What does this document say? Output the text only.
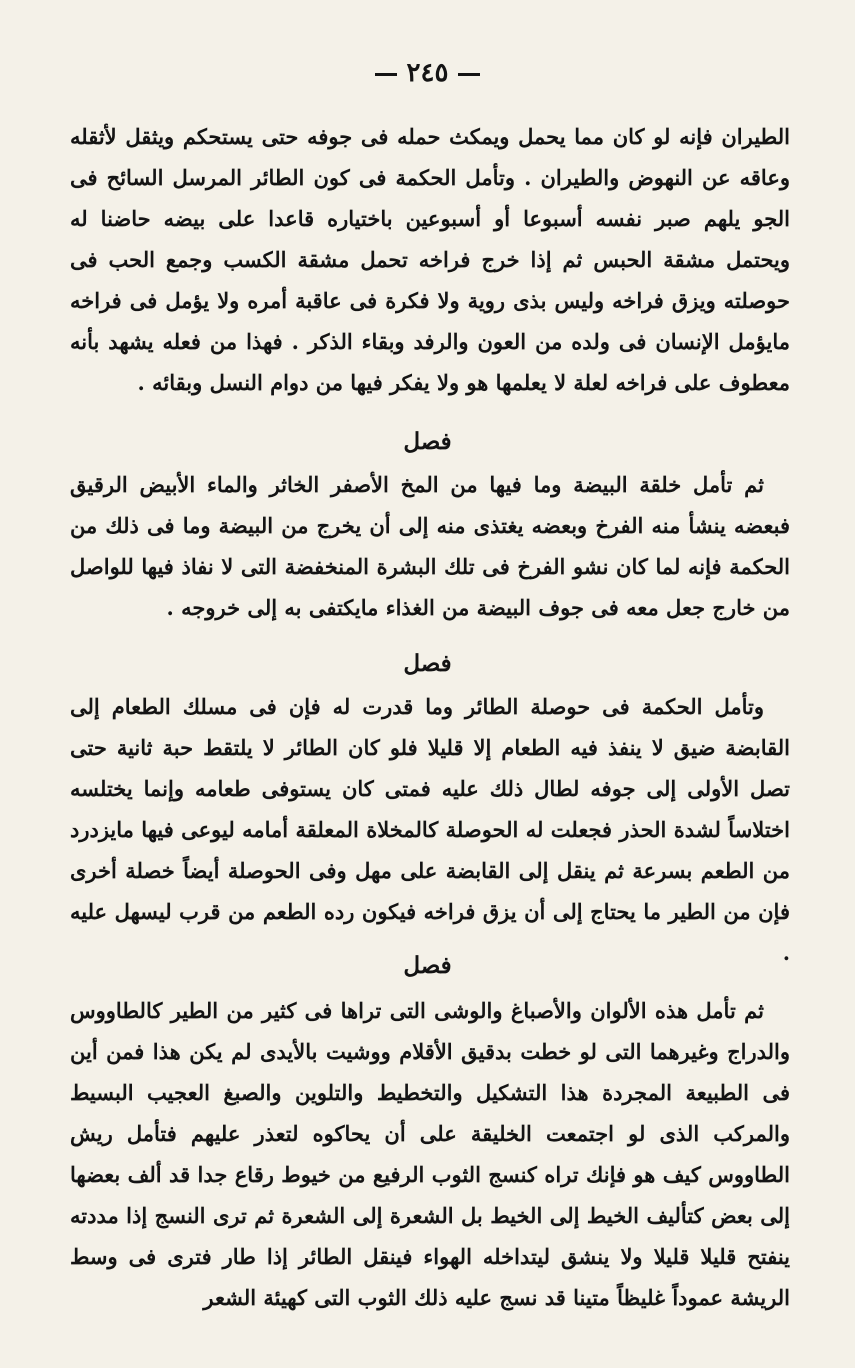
٢٤٥

الطيران فإنه لو كان مما يحمل ويمكث حمله فى جوفه حتى يستحكم ويثقل لأثقله وعاقه عن النهوض والطيران . وتأمل الحكمة فى كون الطائر المرسل السائح فى الجو يلهم صبر نفسه أسبوعا أو أسبوعين باختياره قاعدا على بيضه حاضنا له ويحتمل مشقة الحبس ثم إذا خرج فراخه تحمل مشقة الكسب وجمع الحب فى حوصلته ويزق فراخه وليس بذى روية ولا فكرة فى عاقبة أمره ولا يؤمل فى فراخه مايؤمل الإنسان فى ولده من العون والرفد وبقاء الذكر . فهذا من فعله يشهد بأنه معطوف على فراخه لعلة لا يعلمها هو ولا يفكر فيها من دوام النسل وبقائه .

فصل

ثم تأمل خلقة البيضة وما فيها من المخ الأصفر الخاثر والماء الأبيض الرقيق فبعضه ينشأ منه الفرخ وبعضه يغتذى منه إلى أن يخرج من البيضة وما فى ذلك من الحكمة فإنه لما كان نشو الفرخ فى تلك البشرة المنخفضة التى لا نفاذ فيها للواصل من خارج جعل معه فى جوف البيضة من الغذاء مايكتفى به إلى خروجه .

فصل

وتأمل الحكمة فى حوصلة الطائر وما قدرت له فإن فى مسلك الطعام إلى القابضة ضيق لا ينفذ فيه الطعام إلا قليلا فلو كان الطائر لا يلتقط حبة ثانية حتى تصل الأولى إلى جوفه لطال ذلك عليه فمتى كان يستوفى طعامه وإنما يختلسه اختلاساً لشدة الحذر فجعلت له الحوصلة كالمخلاة المعلقة أمامه ليوعى فيها مايزدرد من الطعم بسرعة ثم ينقل إلى القابضة على مهل وفى الحوصلة أيضاً خصلة أخرى فإن من الطير ما يحتاج إلى أن يزق فراخه فيكون رده الطعم من قرب ليسهل عليه .

فصل

ثم تأمل هذه الألوان والأصباغ والوشى التى تراها فى كثير من الطير كالطاووس والدراج وغيرهما التى لو خطت بدقيق الأقلام ووشيت بالأيدى لم يكن هذا فمن أين فى الطبيعة المجردة هذا التشكيل والتخطيط والتلوين والصبغ العجيب البسيط والمركب الذى لو اجتمعت الخليقة على أن يحاكوه لتعذر عليهم فتأمل ريش الطاووس كيف هو فإنك تراه كنسج الثوب الرفيع من خيوط رقاع جدا قد ألف بعضها إلى بعض كتأليف الخيط إلى الخيط بل الشعرة إلى الشعرة ثم ترى النسج إذا مددته ينفتح قليلا قليلا ولا ينشق ليتداخله الهواء فينقل الطائر إذا طار فترى فى وسط الريشة عموداً غليظاً متينا قد نسج عليه ذلك الثوب التى كهيئة الشعر
